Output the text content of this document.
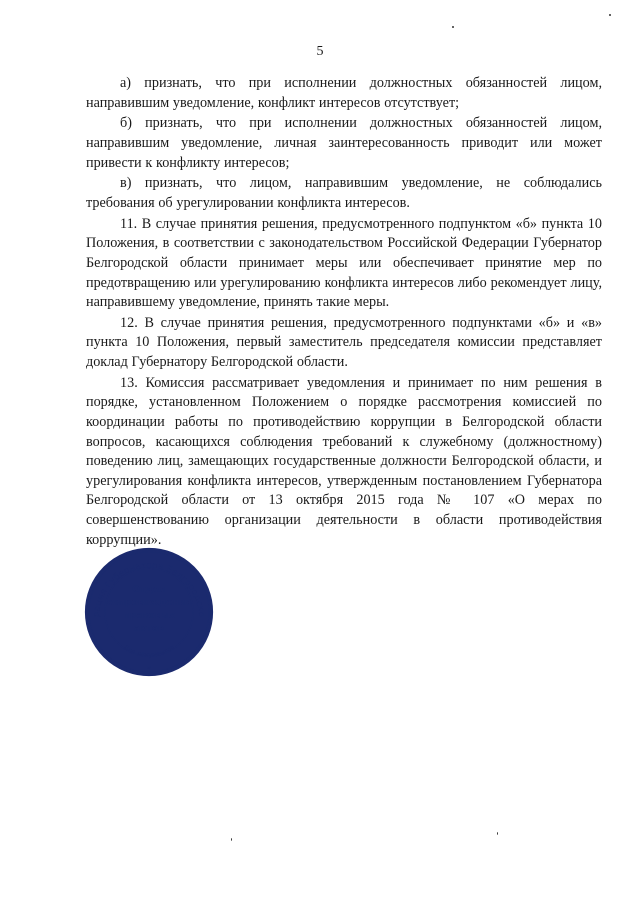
5

а) признать, что при исполнении должностных обязанностей лицом, направившим уведомление, конфликт интересов отсутствует;

б) признать, что при исполнении должностных обязанностей лицом, направившим уведомление, личная заинтересованность приводит или может привести к конфликту интересов;

в) признать, что лицом, направившим уведомление, не соблюдались требования об урегулировании конфликта интересов.

11. В случае принятия решения, предусмотренного подпунктом «б» пункта 10 Положения, в соответствии с законодательством Российской Федерации Губернатор Белгородской области принимает меры или обеспечивает принятие мер по предотвращению или урегулированию конфликта интересов либо рекомендует лицу, направившему уведомление, принять такие меры.

12. В случае принятия решения, предусмотренного подпунктами «б» и «в» пункта 10 Положения, первый заместитель председателя комиссии представляет доклад Губернатору Белгородской области.

13. Комиссия рассматривает уведомления и принимает по ним решения в порядке, установленном Положением о порядке рассмотрения комиссией по координации работы по противодействию коррупции в Белгородской области вопросов, касающихся соблюдения требований к служебному (должностному) поведению лиц, замещающих государственные должности Белгородской области, и урегулирования конфликта интересов, утвержденным постановлением Губернатора Белгородской области от 13 октября 2015 года № 107 «О мерах по совершенствованию организации деятельности в области противодействия коррупции».

рация Губернатора Белгородско
Для документов
Отдел
сопровождения
правовых
актов
*
